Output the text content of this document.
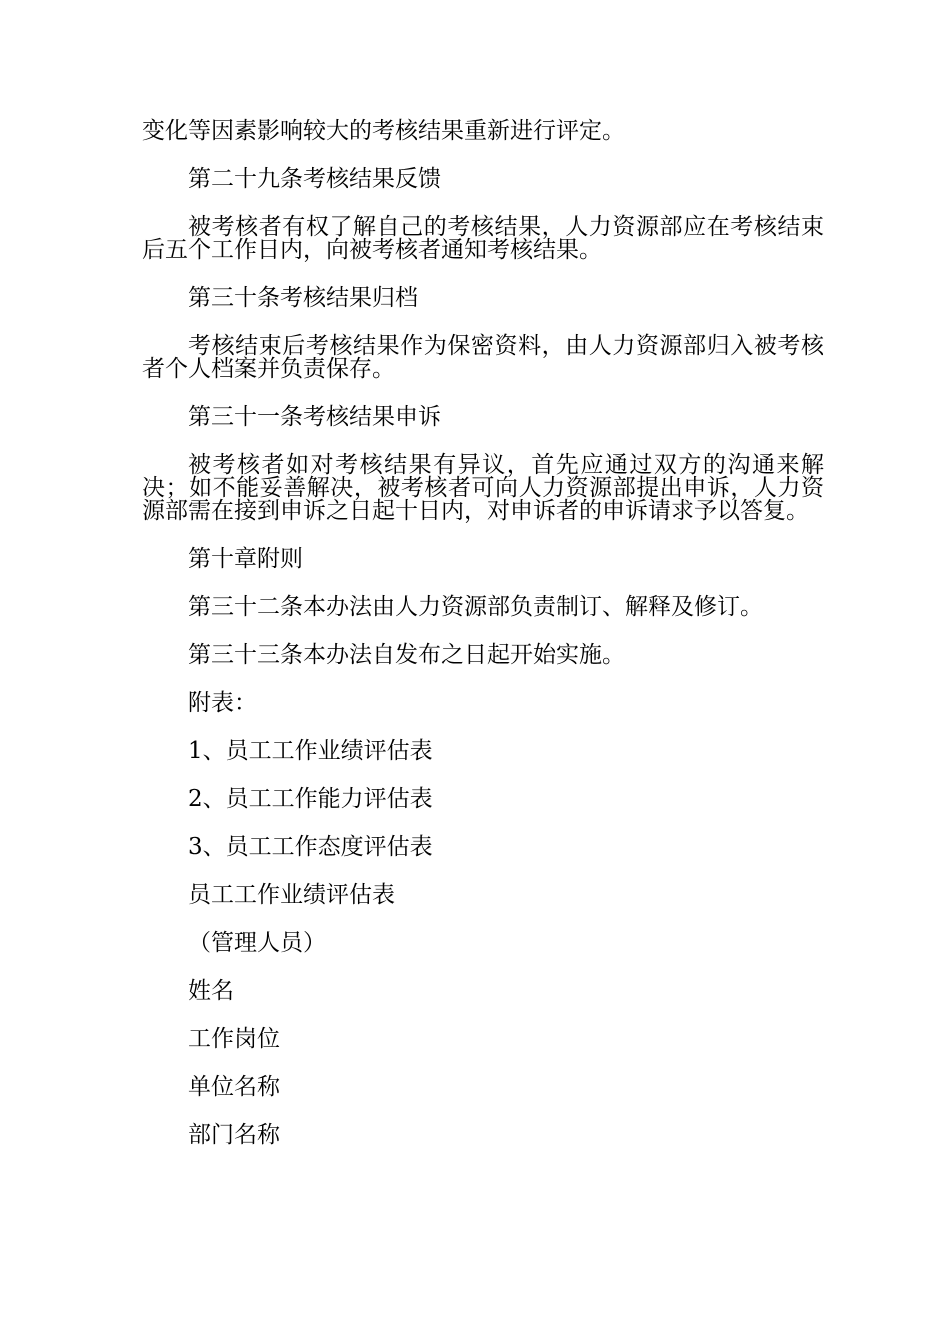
变化等因素影响较大的考核结果重新进行评定。

第二十九条考核结果反馈

被考核者有权了解自己的考核结果，人力资源部应在考核结束后五个工作日内，向被考核者通知考核结果。

第三十条考核结果归档

考核结束后考核结果作为保密资料，由人力资源部归入被考核者个人档案并负责保存。

第三十一条考核结果申诉

被考核者如对考核结果有异议，首先应通过双方的沟通来解决；如不能妥善解决，被考核者可向人力资源部提出申诉，人力资源部需在接到申诉之日起十日内，对申诉者的申诉请求予以答复。

第十章附则

第三十二条本办法由人力资源部负责制订、解释及修订。

第三十三条本办法自发布之日起开始实施。

附表：

1、员工工作业绩评估表

2、员工工作能力评估表

3、员工工作态度评估表

员工工作业绩评估表

（管理人员）

姓名

工作岗位

单位名称

部门名称
